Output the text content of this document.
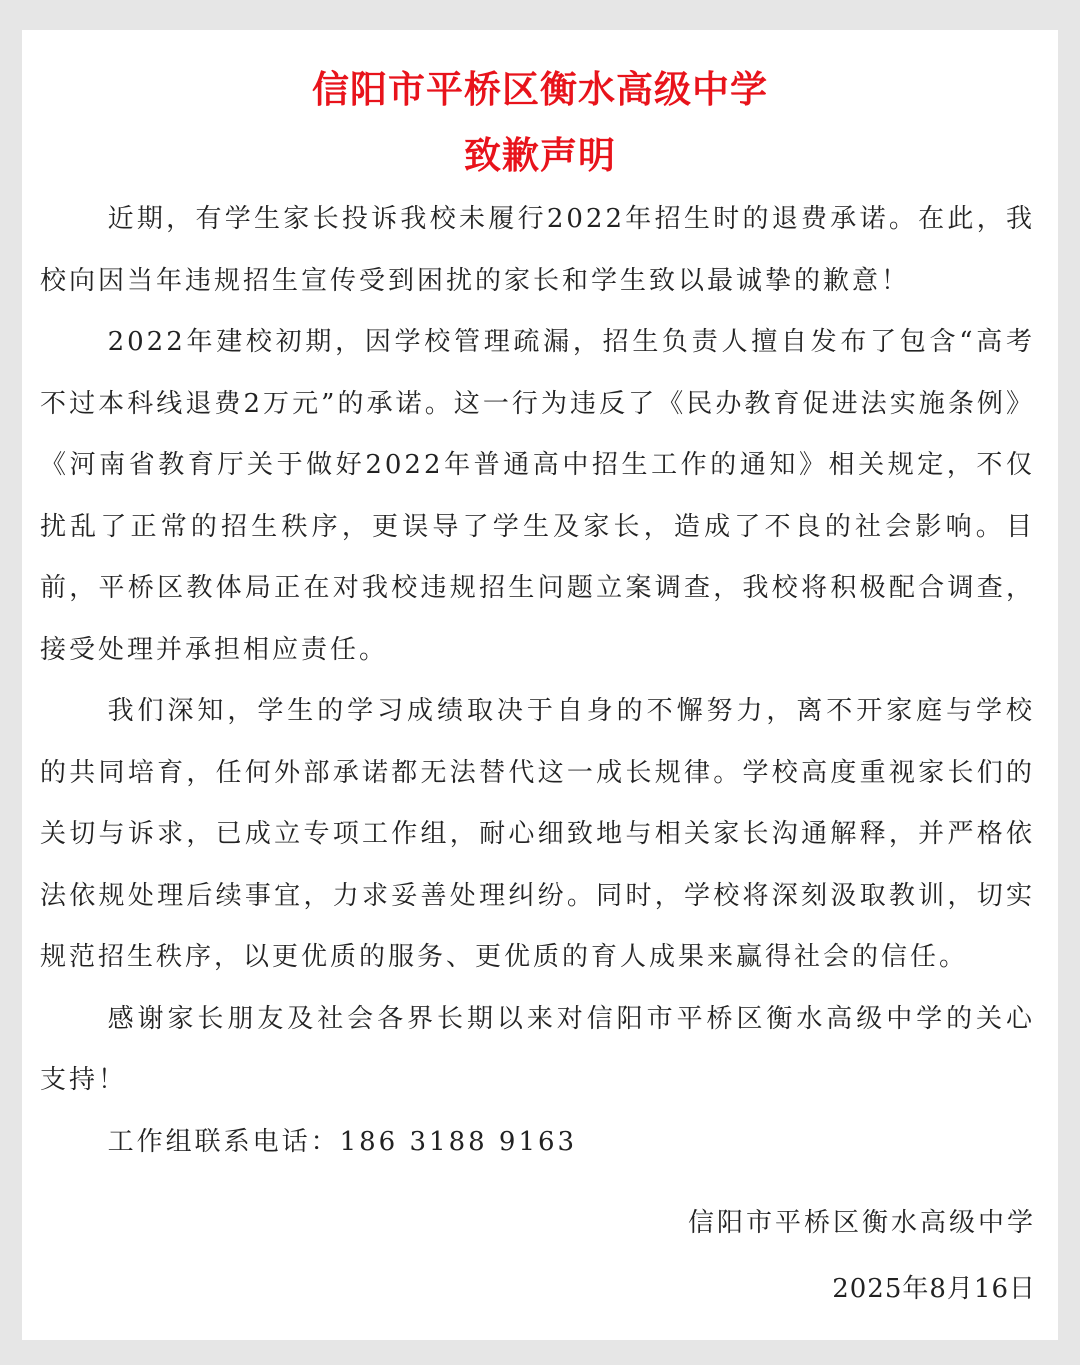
信阳市平桥区衡水高级中学
致歉声明

近期，有学生家长投诉我校未履行2022年招生时的退费承诺。在此，我校向因当年违规招生宣传受到困扰的家长和学生致以最诚挚的歉意！

2022年建校初期，因学校管理疏漏，招生负责人擅自发布了包含“高考不过本科线退费2万元”的承诺。这一行为违反了《民办教育促进法实施条例》《河南省教育厅关于做好2022年普通高中招生工作的通知》相关规定，不仅扰乱了正常的招生秩序，更误导了学生及家长，造成了不良的社会影响。目前，平桥区教体局正在对我校违规招生问题立案调查，我校将积极配合调查，接受处理并承担相应责任。

我们深知，学生的学习成绩取决于自身的不懈努力，离不开家庭与学校的共同培育，任何外部承诺都无法替代这一成长规律。学校高度重视家长们的关切与诉求，已成立专项工作组，耐心细致地与相关家长沟通解释，并严格依法依规处理后续事宜，力求妥善处理纠纷。同时，学校将深刻汲取教训，切实规范招生秩序，以更优质的服务、更优质的育人成果来赢得社会的信任。

感谢家长朋友及社会各界长期以来对信阳市平桥区衡水高级中学的关心支持！

工作组联系电话：186 3188 9163

信阳市平桥区衡水高级中学

2025年8月16日
